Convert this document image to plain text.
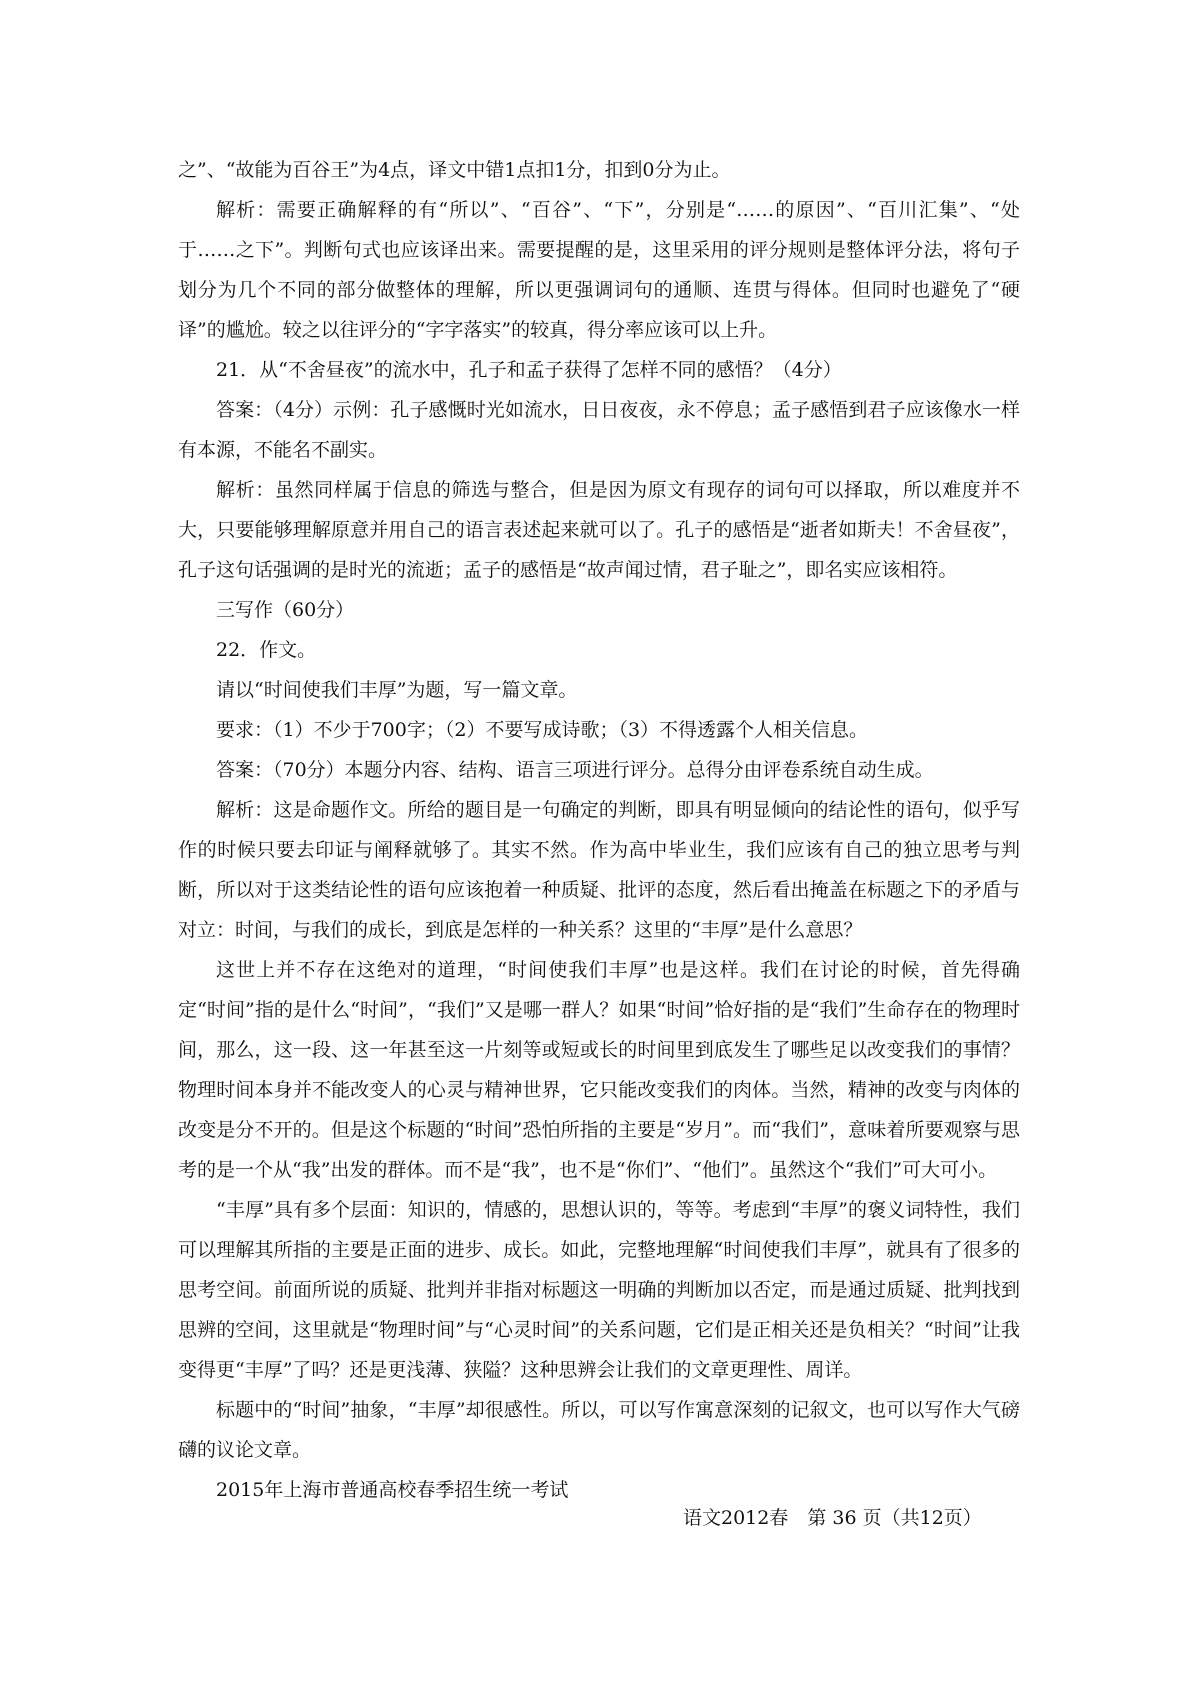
之”、“故能为百谷王”为4点，译文中错1点扣1分，扣到0分为止。

解析：需要正确解释的有“所以”、“百谷”、“下”，分别是“……的原因”、“百川汇集”、“处于……之下”。判断句式也应该译出来。需要提醒的是，这里采用的评分规则是整体评分法，将句子划分为几个不同的部分做整体的理解，所以更强调词句的通顺、连贯与得体。但同时也避免了“硬译”的尴尬。较之以往评分的“字字落实”的较真，得分率应该可以上升。

21．从“不舍昼夜”的流水中，孔子和孟子获得了怎样不同的感悟？（4分）

答案：（4分）示例：孔子感慨时光如流水，日日夜夜，永不停息；孟子感悟到君子应该像水一样有本源，不能名不副实。

解析：虽然同样属于信息的筛选与整合，但是因为原文有现存的词句可以择取，所以难度并不大，只要能够理解原意并用自己的语言表述起来就可以了。孔子的感悟是“逝者如斯夫！不舍昼夜”，孔子这句话强调的是时光的流逝；孟子的感悟是“故声闻过情，君子耻之”，即名实应该相符。

三写作（60分）

22．作文。

请以“时间使我们丰厚”为题，写一篇文章。

要求：（1）不少于700字；（2）不要写成诗歌；（3）不得透露个人相关信息。

答案：（70分）本题分内容、结构、语言三项进行评分。总得分由评卷系统自动生成。

解析：这是命题作文。所给的题目是一句确定的判断，即具有明显倾向的结论性的语句，似乎写作的时候只要去印证与阐释就够了。其实不然。作为高中毕业生，我们应该有自己的独立思考与判断，所以对于这类结论性的语句应该抱着一种质疑、批评的态度，然后看出掩盖在标题之下的矛盾与对立：时间，与我们的成长，到底是怎样的一种关系？这里的“丰厚”是什么意思？

这世上并不存在这绝对的道理，“时间使我们丰厚”也是这样。我们在讨论的时候，首先得确定“时间”指的是什么“时间”，“我们”又是哪一群人？如果“时间”恰好指的是“我们”生命存在的物理时间，那么，这一段、这一年甚至这一片刻等或短或长的时间里到底发生了哪些足以改变我们的事情？物理时间本身并不能改变人的心灵与精神世界，它只能改变我们的肉体。当然，精神的改变与肉体的改变是分不开的。但是这个标题的“时间”恐怕所指的主要是“岁月”。而“我们”，意味着所要观察与思考的是一个从“我”出发的群体。而不是“我”，也不是“你们”、“他们”。虽然这个“我们”可大可小。

“丰厚”具有多个层面：知识的，情感的，思想认识的，等等。考虑到“丰厚”的褒义词特性，我们可以理解其所指的主要是正面的进步、成长。如此，完整地理解“时间使我们丰厚”，就具有了很多的思考空间。前面所说的质疑、批判并非指对标题这一明确的判断加以否定，而是通过质疑、批判找到思辨的空间，这里就是“物理时间”与“心灵时间”的关系问题，它们是正相关还是负相关？“时间”让我变得更“丰厚”了吗？还是更浅薄、狭隘？这种思辨会让我们的文章更理性、周详。

标题中的“时间”抽象，“丰厚”却很感性。所以，可以写作寓意深刻的记叙文，也可以写作大气磅礴的议论文章。

2015年上海市普通高校春季招生统一考试

语文2012春　第 36 页（共12页）
